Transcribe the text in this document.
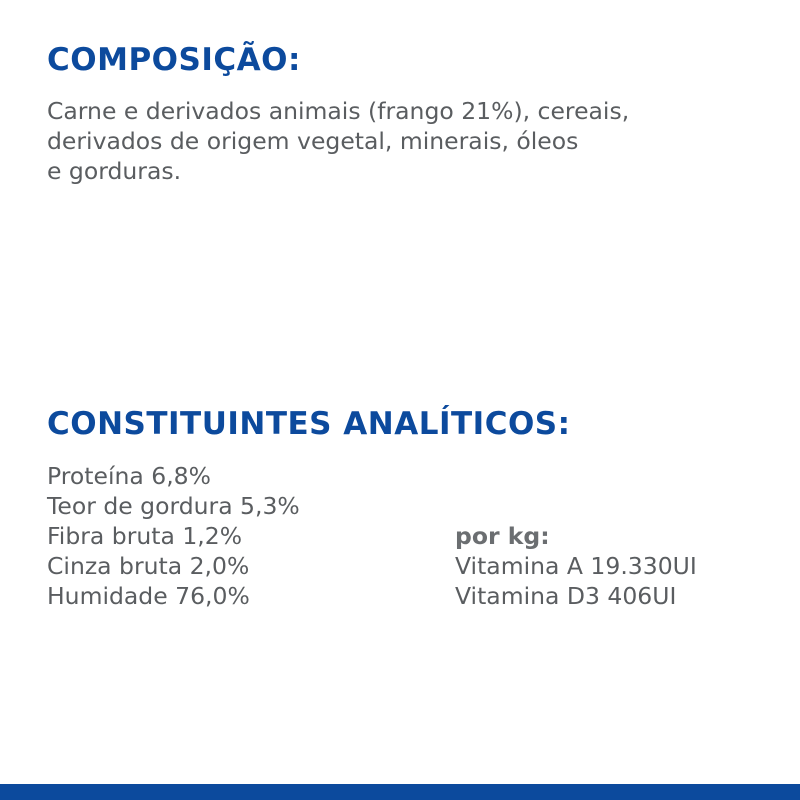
COMPOSIÇÃO:

Carne e derivados animais (frango 21%), cereais,
derivados de origem vegetal, minerais, óleos
e gorduras.

CONSTITUINTES ANALÍTICOS:
Proteína 6,8%
Teor de gordura 5,3%
Fibra bruta 1,2%
Cinza bruta 2,0%
Humidade 76,0%
por kg:
Vitamina A 19.330UI
Vitamina D3 406UI
